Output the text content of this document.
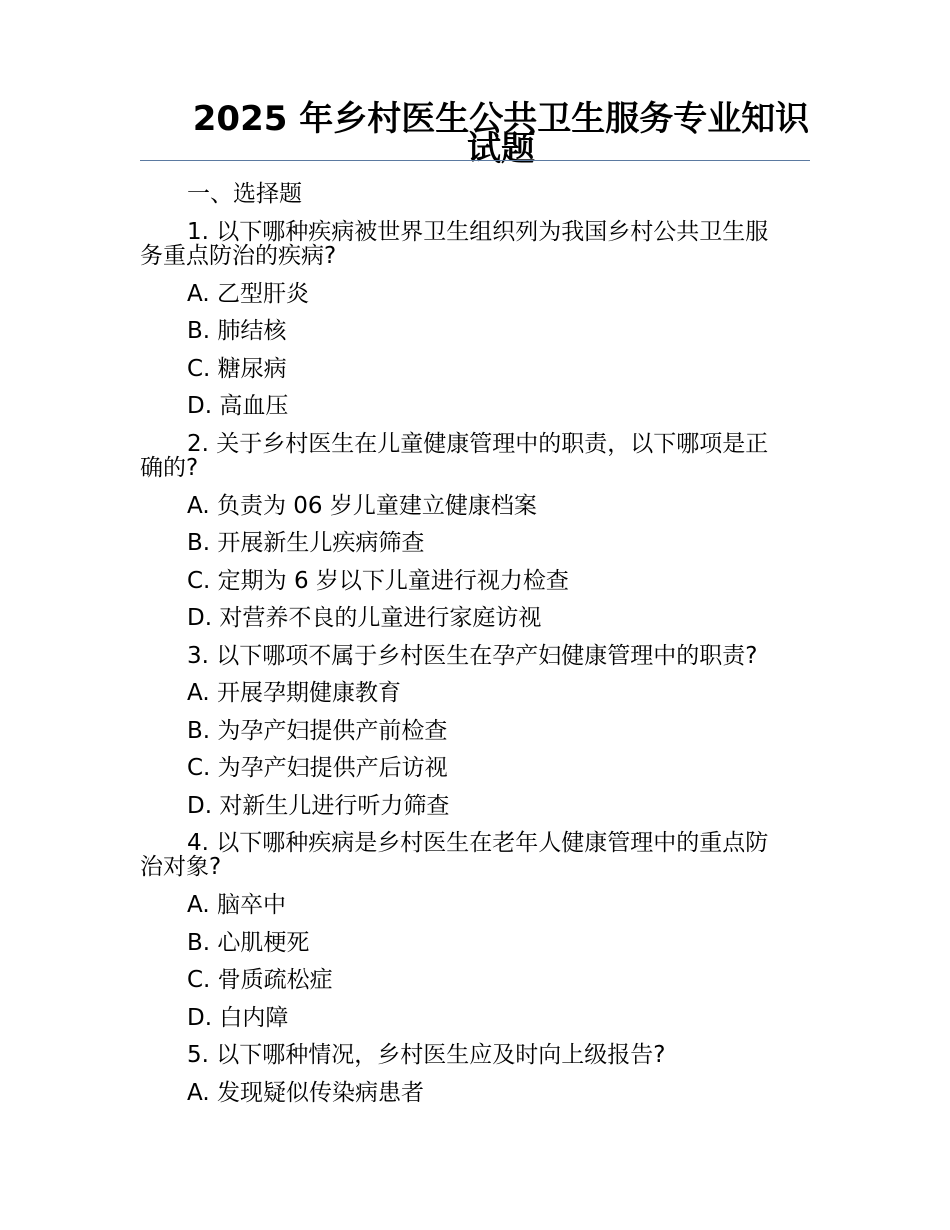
2025 年乡村医生公共卫生服务专业知识
试题
一、选择题
1. 以下哪种疾病被世界卫生组织列为我国乡村公共卫生服
务重点防治的疾病?
A. 乙型肝炎
B. 肺结核
C. 糖尿病
D. 高血压
2. 关于乡村医生在儿童健康管理中的职责，以下哪项是正
确的?
A. 负责为 06 岁儿童建立健康档案
B. 开展新生儿疾病筛查
C. 定期为 6 岁以下儿童进行视力检查
D. 对营养不良的儿童进行家庭访视
3. 以下哪项不属于乡村医生在孕产妇健康管理中的职责?
A. 开展孕期健康教育
B. 为孕产妇提供产前检查
C. 为孕产妇提供产后访视
D. 对新生儿进行听力筛查
4. 以下哪种疾病是乡村医生在老年人健康管理中的重点防
治对象?
A. 脑卒中
B. 心肌梗死
C. 骨质疏松症
D. 白内障
5. 以下哪种情况，乡村医生应及时向上级报告?
A. 发现疑似传染病患者
